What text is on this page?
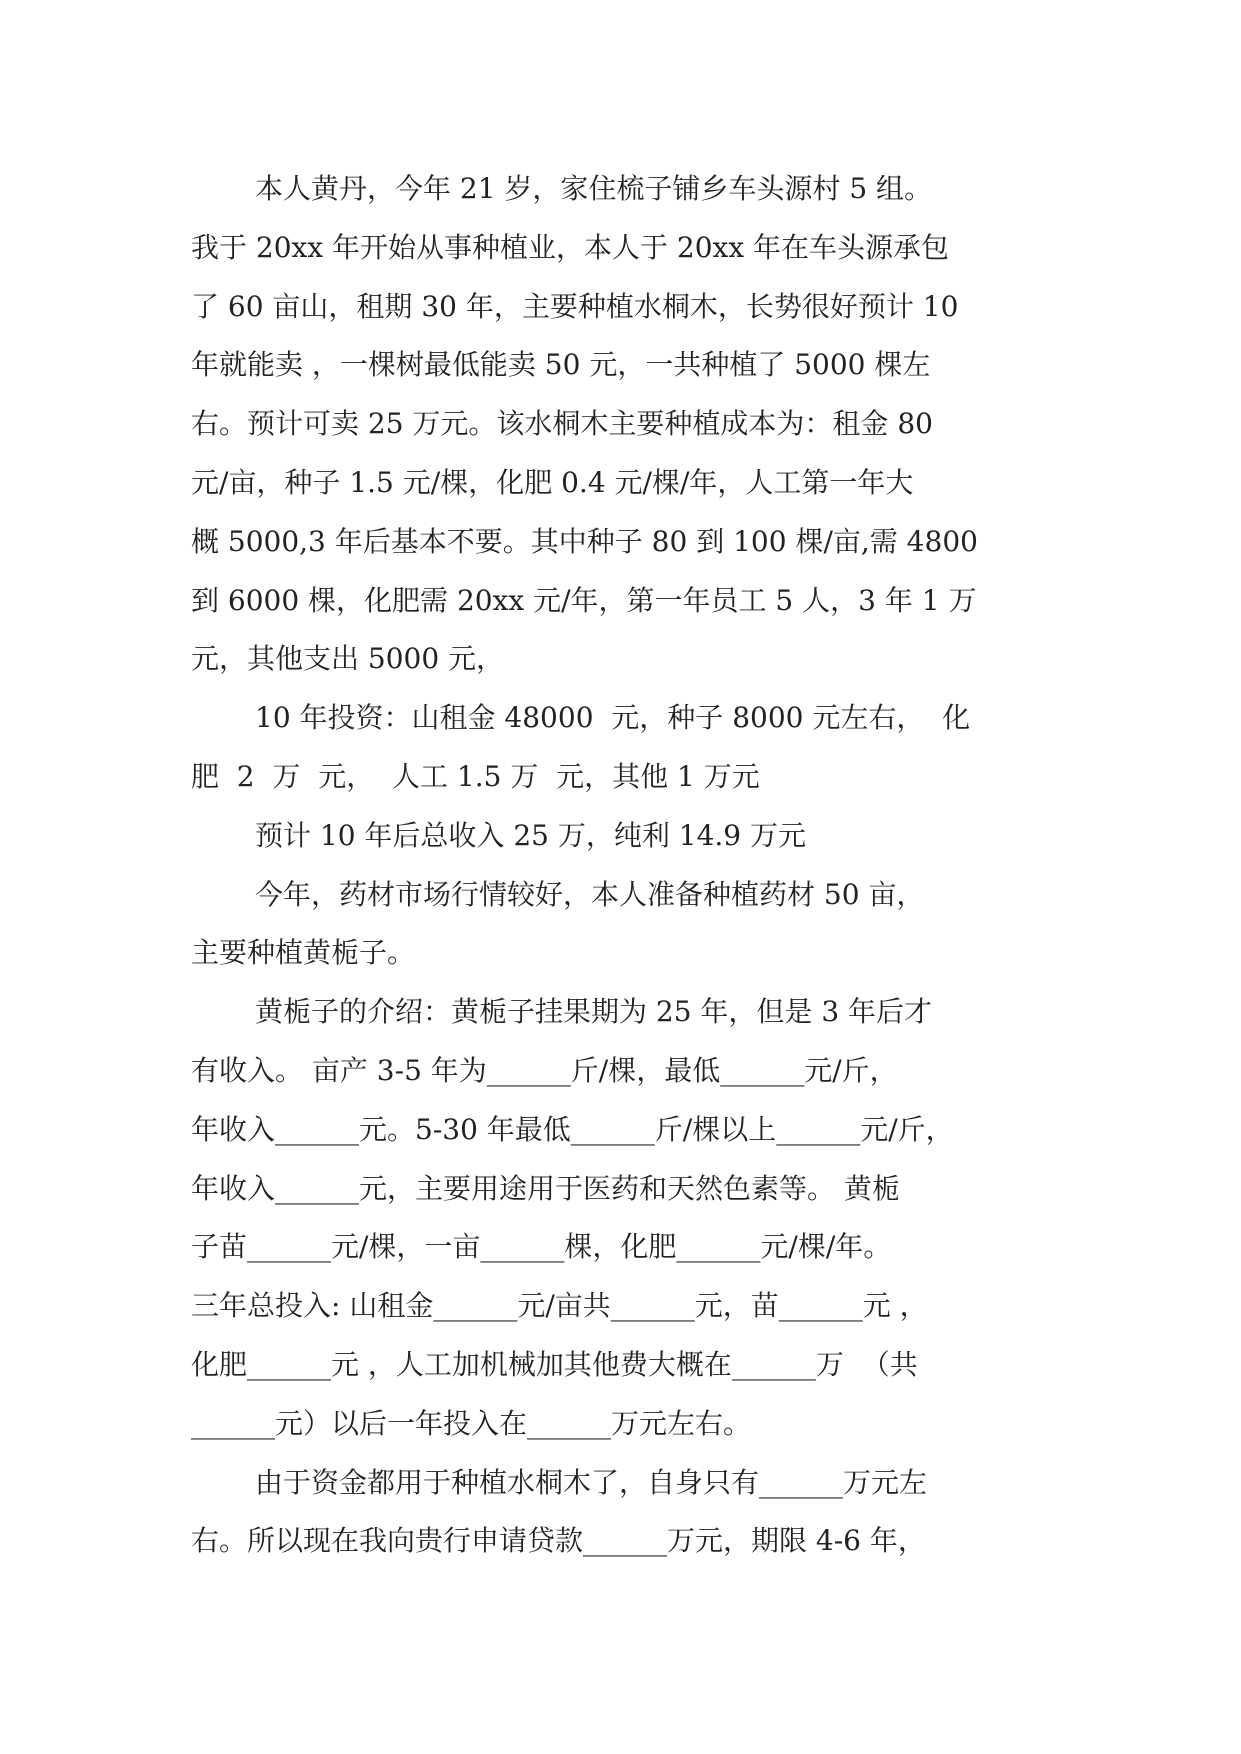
本人黄丹，今年 21 岁，家住梳子铺乡车头源村 5 组。
我于 20xx 年开始从事种植业，本人于 20xx 年在车头源承包
了 60 亩山，租期 30 年，主要种植水桐木，长势很好预计 10
年就能卖 ，一棵树最低能卖 50 元，一共种植了 5000 棵左
右。预计可卖 25 万元。该水桐木主要种植成本为：租金 80
元/亩，种子 1.5 元/棵，化肥 0.4 元/棵/年，人工第一年大
概 5000,3 年后基本不要。其中种子 80 到 100 棵/亩,需 4800
到 6000 棵，化肥需 20xx 元/年，第一年员工 5 人，3 年 1 万
元，其他支出 5000 元，
10 年投资：山租金 48000  元，种子 8000 元左右，  化
肥  2  万  元，  人工 1.5 万  元，其他 1 万元
预计 10 年后总收入 25 万，纯利 14.9 万元
今年，药材市场行情较好，本人准备种植药材 50 亩，
主要种植黄栀子。
黄栀子的介绍：黄栀子挂果期为 25 年，但是 3 年后才
有收入。 亩产 3-5 年为______斤/棵，最低______元/斤，
年收入______元。5-30 年最低______斤/棵以上______元/斤，
年收入______元，主要用途用于医药和天然色素等。 黄栀
子苗______元/棵，一亩______棵，化肥______元/棵/年。
三年总投入: 山租金______元/亩共______元，苗______元 ，
化肥______元 ，人工加机械加其他费大概在______万  （共
______元）以后一年投入在______万元左右。
由于资金都用于种植水桐木了，自身只有______万元左
右。所以现在我向贵行申请贷款______万元，期限 4-6 年，
